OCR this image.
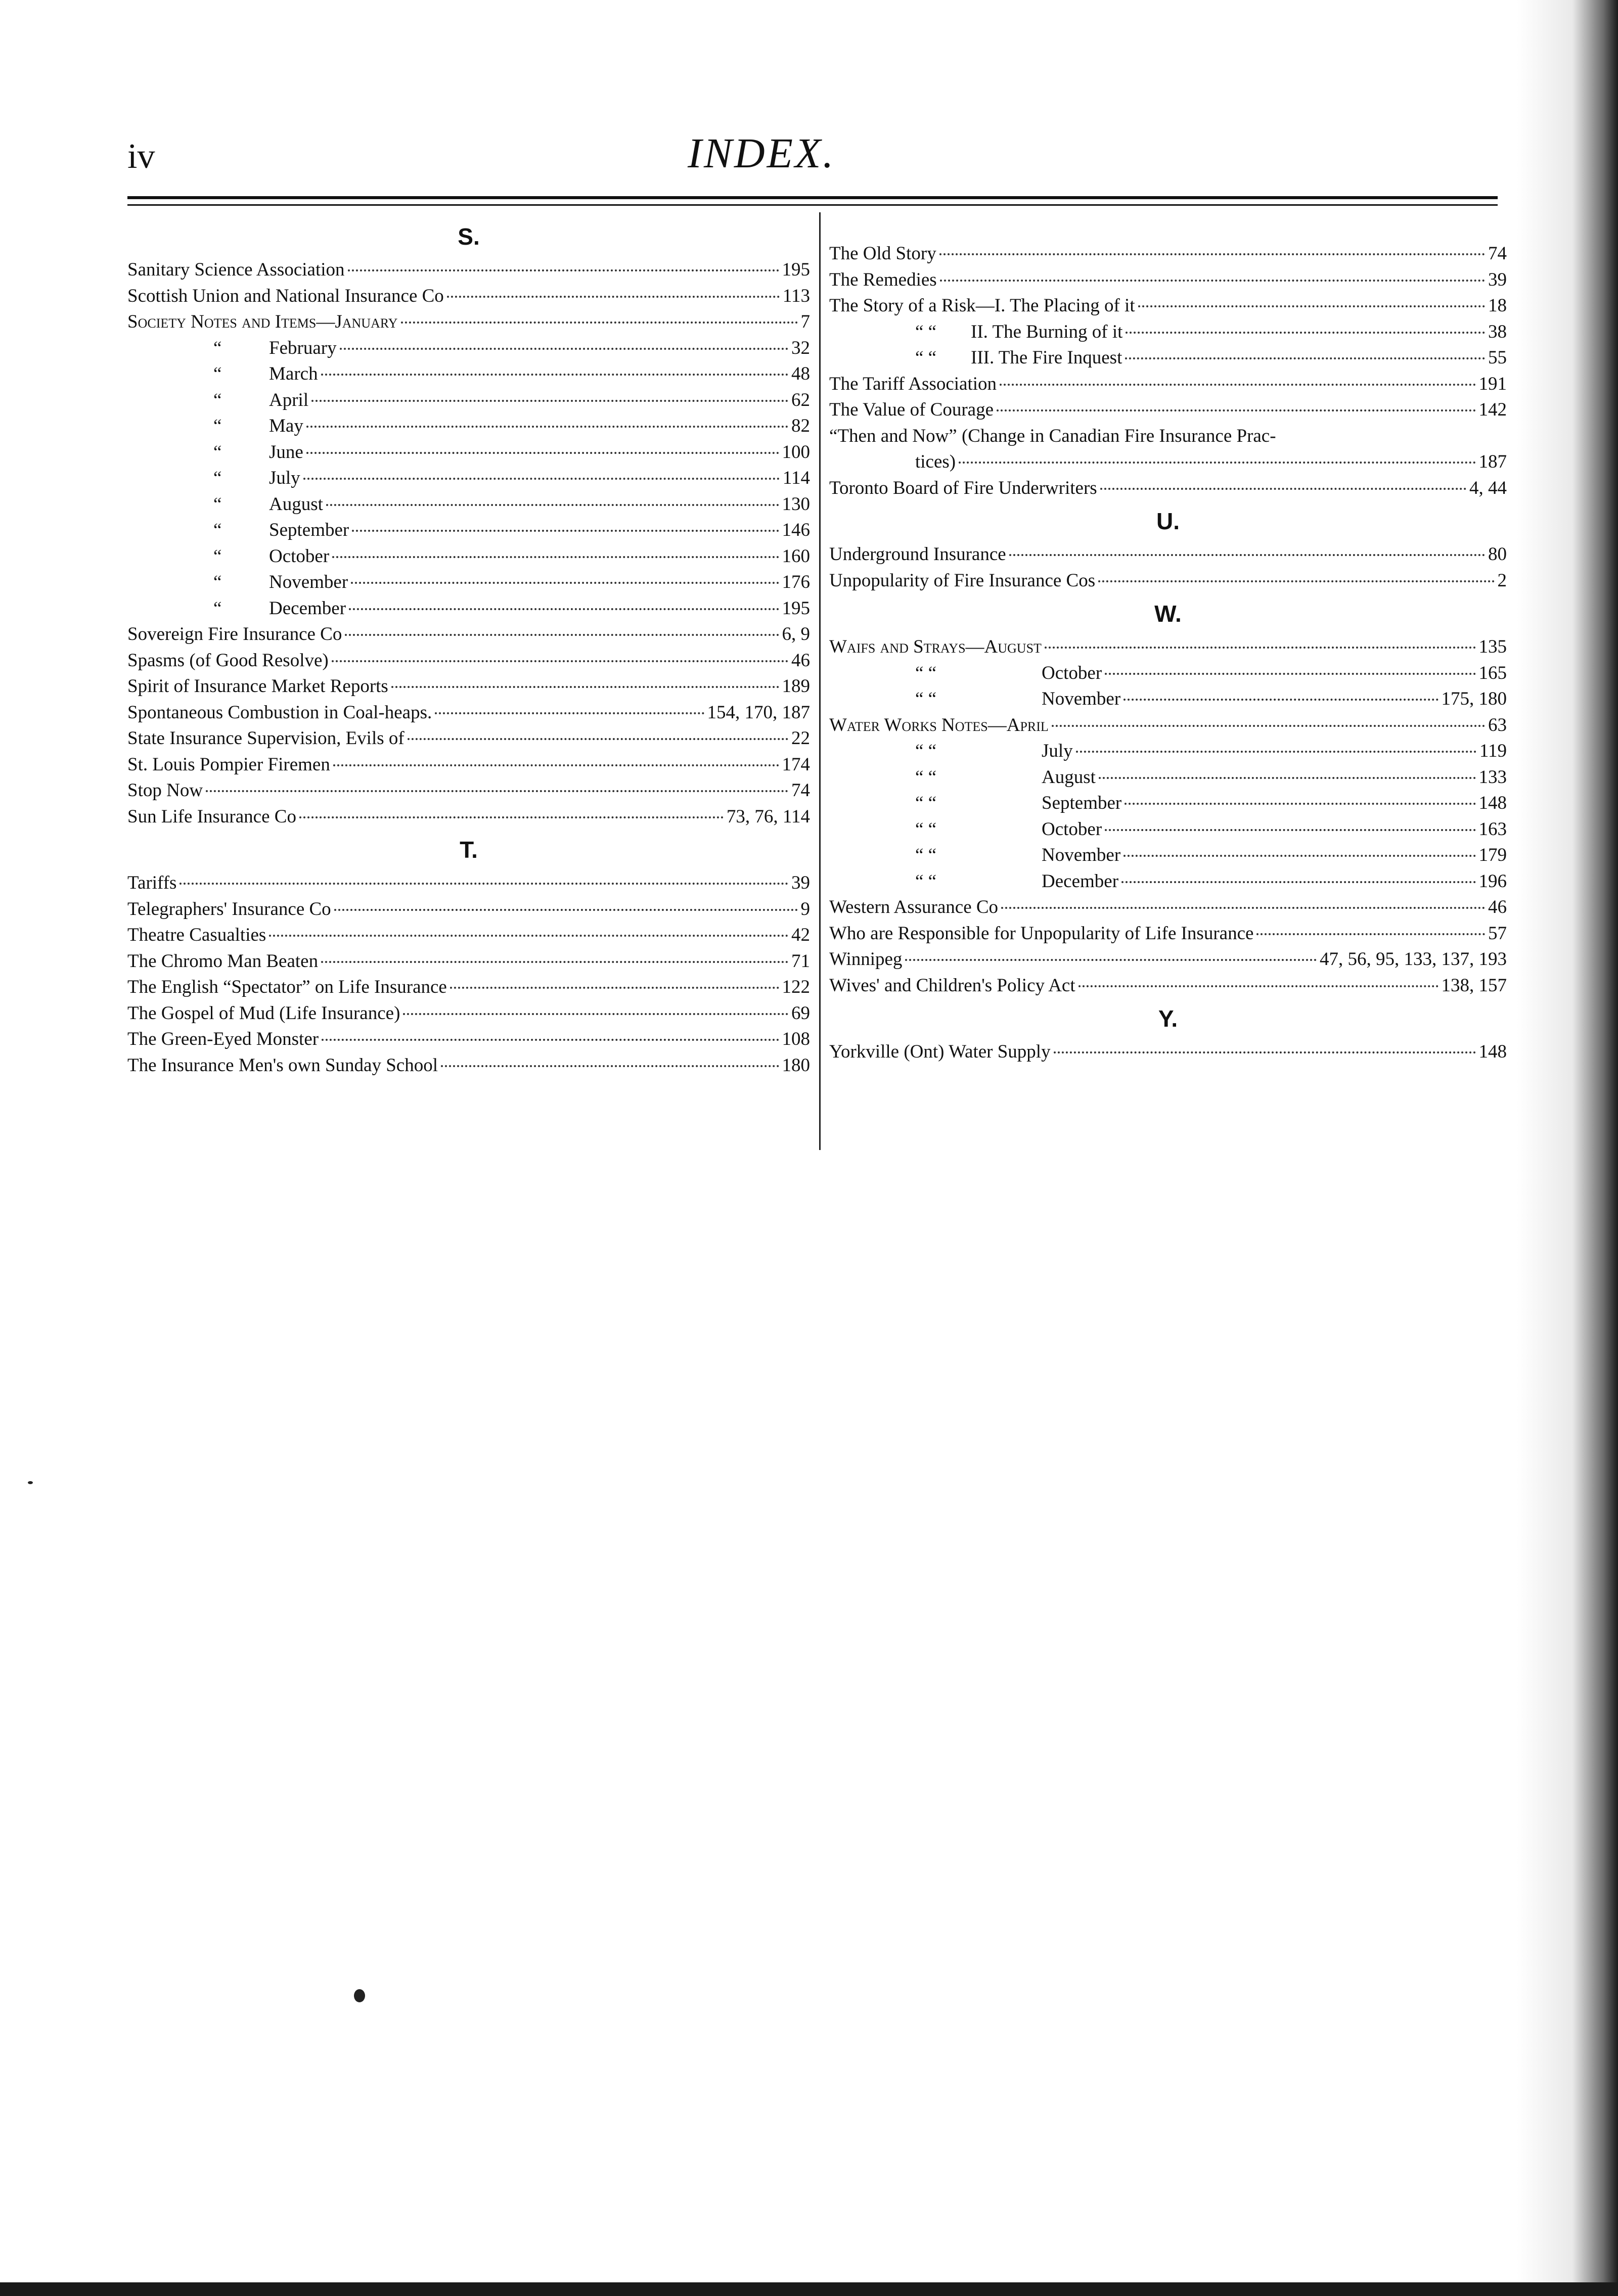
iv	INDEX.
S.
Sanitary Science Association	195
Scottish Union and National Insurance Co	113
Society Notes and Items—January	7
“	February	32
“	March	48
“	April	62
“	May	82
“	June	100
“	July	114
“	August	130
“	September	146
“	October	160
“	November	176
“	December	195
Sovereign Fire Insurance Co	6, 9
Spasms (of Good Resolve)	46
Spirit of Insurance Market Reports	189
Spontaneous Combustion in Coal-heaps.	154, 170, 187
State Insurance Supervision, Evils of	22
St. Louis Pompier Firemen	174
Stop Now	74
Sun Life Insurance Co	73, 76, 114
T.
Tariffs	39
Telegraphers' Insurance Co	9
Theatre Casualties	42
The Chromo Man Beaten	71
The English “Spectator” on Life Insurance	122
The Gospel of Mud (Life Insurance)	69
The Green-Eyed Monster	108
The Insurance Men's own Sunday School	180
The Old Story	74
The Remedies	39
The Story of a Risk—I. The Placing of it	18
“ “ II. The Burning of it	38
“ “ III. The Fire Inquest	55
The Tariff Association	191
The Value of Courage	142
“Then and Now” (Change in Canadian Fire Insurance Prac-
tices)	187
Toronto Board of Fire Underwriters	4, 44
U.
Underground Insurance	80
Unpopularity of Fire Insurance Cos	2
W.
Waifs and Strays—August	135
“ “	October	165
“ “	November	175, 180
Water Works Notes—April	63
“ “	July	119
“ “	August	133
“ “	September	148
“ “	October	163
“ “	November	179
“ “	December	196
Western Assurance Co	46
Who are Responsible for Unpopularity of Life Insurance	57
Winnipeg	47, 56, 95, 133, 137, 193
Wives' and Children's Policy Act	138, 157
Y.
Yorkville (Ont) Water Supply	148
